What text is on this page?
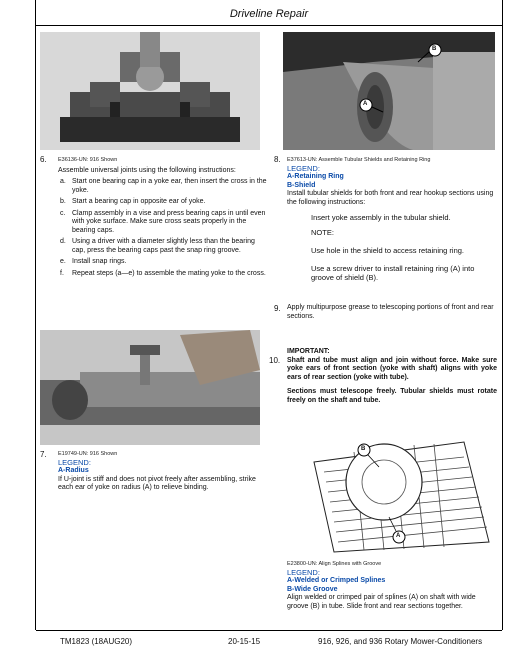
Driveline Repair
A
B
6. E36136-UN: 916 Shown
Assemble universal joints using the following instructions:
a. Start one bearing cap in a yoke ear, then insert the cross in the yoke.
b. Start a bearing cap in opposite ear of yoke.
c. Clamp assembly in a vise and press bearing caps in until even with yoke surface. Make sure cross seats properly in the bearing caps.
d. Using a driver with a diameter slightly less than the bearing cap, press the bearing caps past the snap ring groove.
e. Install snap rings.
f. Repeat steps (a—e) to assemble the mating yoke to the cross.
8. E37613-UN: Assemble Tubular Shields and Retaining Ring
LEGEND:
A-Retaining Ring
B-Shield
Install tubular shields for both front and rear hookup sections using the following instructions:
Insert yoke assembly in the tubular shield.
NOTE:
Use hole in the shield to access retaining ring.
Use a screw driver to install retaining ring (A) into groove of shield (B).
9. Apply multipurpose grease to telescoping portions of front and rear sections.
10.
IMPORTANT:
Shaft and tube must align and join without force. Make sure yoke ears of front section (yoke with shaft) aligns with yoke ears of rear section (yoke with tube).
Sections must telescope freely. Tubular shields must rotate freely on the shaft and tube.
7. E19749-UN: 916 Shown
LEGEND:
A-Radius
If U-joint is stiff and does not pivot freely after assembling, strike each ear of yoke on radius (A) to relieve binding.
B
A
E23800-UN: Align Splines with Groove
LEGEND:
A-Welded or Crimped Splines
B-Wide Groove
Align welded or crimped pair of splines (A) on shaft with wide groove (B) in tube. Slide front and rear sections together.
TM1823 (18AUG20)	20-15-15	916, 926, and 936 Rotary Mower-Conditioners
